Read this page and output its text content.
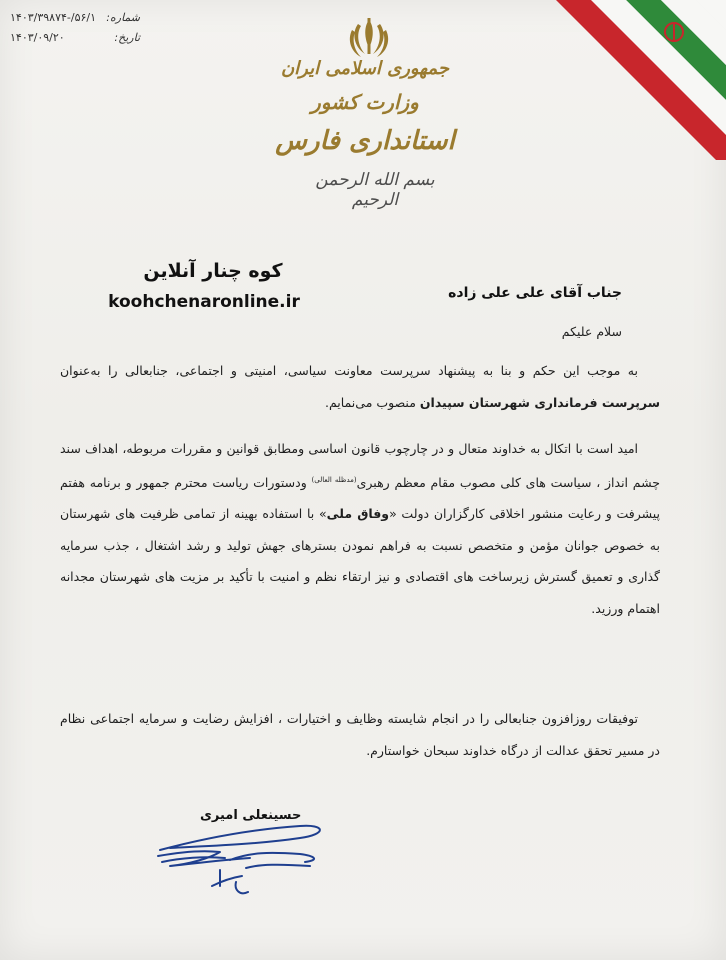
شماره:
۵۶/۱/-۱۴۰۳/۳۹۸۷۴
تاریخ:
۱۴۰۳/۰۹/۲۰
جمهوری اسلامی ایران
وزارت کشور
استانداری فارس
بسم الله الرحمن الرحیم
کوه چنار آنلاین
koohchenaronline.ir	جناب آقای علی علی زاده
سلام علیکم
به موجب این حکم و بنا به پیشنهاد سرپرست معاونت سیاسی، امنیتی و اجتماعی، جنابعالی را به‌عنوان سرپرست فرمانداری شهرستان سپیدان منصوب می‌نمایم.
امید است با اتکال به خداوند متعال و در چارچوب قانون اساسی ومطابق قوانین و مقررات مربوطه، اهداف سند چشم انداز ، سیاست های کلی مصوب مقام معظم رهبری$^{(مدظله العالی)}$ ودستورات ریاست محترم جمهور و برنامه هفتم پیشرفت و رعایت منشور اخلاقی کارگزاران دولت «وفاق ملی» با استفاده بهینه از تمامی ظرفیت های شهرستان به خصوص جوانان مؤمن و متخصص نسبت به فراهم نمودن بسترهای جهش تولید و رشد اشتغال ، جذب سرمایه گذاری و تعمیق گسترش زیرساخت های اقتصادی و نیز ارتقاء نظم و امنیت با تأکید بر مزیت های شهرستان مجدانه اهتمام ورزید.
توفیقات روزافزون جنابعالی را در انجام شایسته وظایف و اختیارات ، افزایش رضایت و سرمایه اجتماعی نظام در مسیر تحقق عدالت از درگاه خداوند سبحان خواستارم.
حسینعلی امیری
